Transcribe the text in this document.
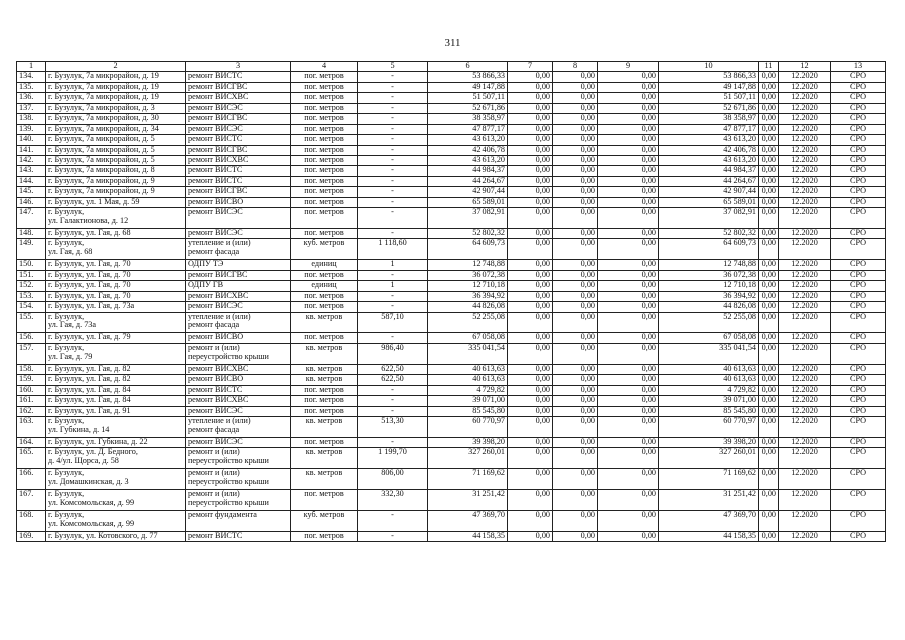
311
1	2	3	4	5	6	7	8	9	10	11	12	13
134.	г. Бузулук, 7а микрорайон, д. 19	ремонт ВИСТС	пог. метров	-	53 866,33	0,00	0,00	0,00	53 866,33	0,00	12.2020	СРО
135.	г. Бузулук, 7а микрорайон, д. 19	ремонт ВИСГВС	пог. метров	-	49 147,88	0,00	0,00	0,00	49 147,88	0,00	12.2020	СРО
136.	г. Бузулук, 7а микрорайон, д. 19	ремонт ВИСХВС	пог. метров	-	51 507,11	0,00	0,00	0,00	51 507,11	0,00	12.2020	СРО
137.	г. Бузулук, 7а микрорайон, д. 3	ремонт ВИСЭС	пог. метров	-	52 671,86	0,00	0,00	0,00	52 671,86	0,00	12.2020	СРО
138.	г. Бузулук, 7а микрорайон, д. 30	ремонт ВИСГВС	пог. метров	-	38 358,97	0,00	0,00	0,00	38 358,97	0,00	12.2020	СРО
139.	г. Бузулук, 7а микрорайон, д. 34	ремонт ВИСЭС	пог. метров	-	47 877,17	0,00	0,00	0,00	47 877,17	0,00	12.2020	СРО
140.	г. Бузулук, 7а микрорайон, д. 5	ремонт ВИСТС	пог. метров	-	43 613,20	0,00	0,00	0,00	43 613,20	0,00	12.2020	СРО
141.	г. Бузулук, 7а микрорайон, д. 5	ремонт ВИСГВС	пог. метров	-	42 406,78	0,00	0,00	0,00	42 406,78	0,00	12.2020	СРО
142.	г. Бузулук, 7а микрорайон, д. 5	ремонт ВИСХВС	пог. метров	-	43 613,20	0,00	0,00	0,00	43 613,20	0,00	12.2020	СРО
143.	г. Бузулук, 7а микрорайон, д. 8	ремонт ВИСТС	пог. метров	-	44 984,37	0,00	0,00	0,00	44 984,37	0,00	12.2020	СРО
144.	г. Бузулук, 7а микрорайон, д. 9	ремонт ВИСТС	пог. метров	-	44 264,67	0,00	0,00	0,00	44 264,67	0,00	12.2020	СРО
145.	г. Бузулук, 7а микрорайон, д. 9	ремонт ВИСГВС	пог. метров	-	42 907,44	0,00	0,00	0,00	42 907,44	0,00	12.2020	СРО
146.	г. Бузулук, ул. 1 Мая, д. 59	ремонт ВИСВО	пог. метров	-	65 589,01	0,00	0,00	0,00	65 589,01	0,00	12.2020	СРО
147.	г. Бузулук,
ул. Галактионова, д. 12	ремонт ВИСЭС	пог. метров	-	37 082,91	0,00	0,00	0,00	37 082,91	0,00	12.2020	СРО
148.	г. Бузулук, ул. Гая, д. 68	ремонт ВИСЭС	пог. метров	-	52 802,32	0,00	0,00	0,00	52 802,32	0,00	12.2020	СРО
149.	г. Бузулук,
ул. Гая, д. 68	утепление и (или)
ремонт фасада	куб. метров	1 118,60	64 609,73	0,00	0,00	0,00	64 609,73	0,00	12.2020	СРО
150.	г. Бузулук, ул. Гая, д. 70	ОДПУ ТЭ	единиц	1	12 748,88	0,00	0,00	0,00	12 748,88	0,00	12.2020	СРО
151.	г. Бузулук, ул. Гая, д. 70	ремонт ВИСГВС	пог. метров	-	36 072,38	0,00	0,00	0,00	36 072,38	0,00	12.2020	СРО
152.	г. Бузулук, ул. Гая, д. 70	ОДПУ ГВ	единиц	1	12 710,18	0,00	0,00	0,00	12 710,18	0,00	12.2020	СРО
153.	г. Бузулук, ул. Гая, д. 70	ремонт ВИСХВС	пог. метров	-	36 394,92	0,00	0,00	0,00	36 394,92	0,00	12.2020	СРО
154.	г. Бузулук, ул. Гая, д. 73а	ремонт ВИСЭС	пог. метров	-	44 826,08	0,00	0,00	0,00	44 826,08	0,00	12.2020	СРО
155.	г. Бузулук,
ул. Гая, д. 73а	утепление и (или)
ремонт фасада	кв. метров	587,10	52 255,08	0,00	0,00	0,00	52 255,08	0,00	12.2020	СРО
156.	г. Бузулук, ул. Гая, д. 79	ремонт ВИСВО	пог. метров	-	67 058,08	0,00	0,00	0,00	67 058,08	0,00	12.2020	СРО
157.	г. Бузулук,
ул. Гая, д. 79	ремонт и (или)
переустройство крыши	кв. метров	986,40	335 041,54	0,00	0,00	0,00	335 041,54	0,00	12.2020	СРО
158.	г. Бузулук, ул. Гая, д. 82	ремонт ВИСХВС	кв. метров	622,50	40 613,63	0,00	0,00	0,00	40 613,63	0,00	12.2020	СРО
159.	г. Бузулук, ул. Гая, д. 82	ремонт ВИСВО	кв. метров	622,50	40 613,63	0,00	0,00	0,00	40 613,63	0,00	12.2020	СРО
160.	г. Бузулук, ул. Гая, д. 84	ремонт ВИСТС	пог. метров	-	4 729,82	0,00	0,00	0,00	4 729,82	0,00	12.2020	СРО
161.	г. Бузулук, ул. Гая, д. 84	ремонт ВИСХВС	пог. метров	-	39 071,00	0,00	0,00	0,00	39 071,00	0,00	12.2020	СРО
162.	г. Бузулук, ул. Гая, д. 91	ремонт ВИСЭС	пог. метров	-	85 545,80	0,00	0,00	0,00	85 545,80	0,00	12.2020	СРО
163.	г. Бузулук,
ул. Губкина, д. 14	утепление и (или)
ремонт фасада	кв. метров	513,30	60 770,97	0,00	0,00	0,00	60 770,97	0,00	12.2020	СРО
164.	г. Бузулук, ул. Губкина, д. 22	ремонт ВИСЭС	пог. метров	-	39 398,20	0,00	0,00	0,00	39 398,20	0,00	12.2020	СРО
165.	г. Бузулук, ул. Д. Бедного,
д. 4/ул. Щорса, д. 58	ремонт и (или)
переустройство крыши	кв. метров	1 199,70	327 260,01	0,00	0,00	0,00	327 260,01	0,00	12.2020	СРО
166.	г. Бузулук,
ул. Домашкинская, д. 3	ремонт и (или)
переустройство крыши	кв. метров	806,00	71 169,62	0,00	0,00	0,00	71 169,62	0,00	12.2020	СРО
167.	г. Бузулук,
ул. Комсомольская, д. 99	ремонт и (или)
переустройство крыши	пог. метров	332,30	31 251,42	0,00	0,00	0,00	31 251,42	0,00	12.2020	СРО
168.	г. Бузулук,
ул. Комсомольская, д. 99	ремонт фундамента	куб. метров	-	47 369,70	0,00	0,00	0,00	47 369,70	0,00	12.2020	СРО
169.	г. Бузулук, ул. Котовского, д. 77	ремонт ВИСТС	пог. метров	-	44 158,35	0,00	0,00	0,00	44 158,35	0,00	12.2020	СРО
